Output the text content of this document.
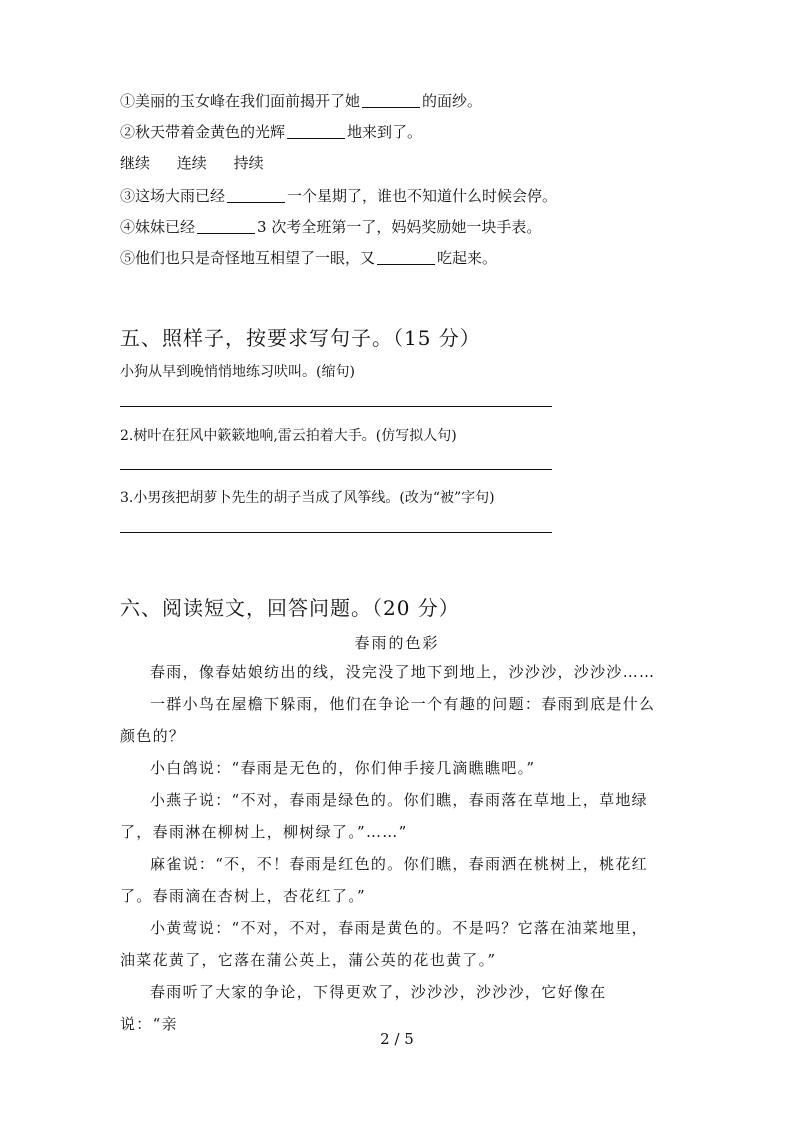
①美丽的玉女峰在我们面前揭开了她	的面纱。
②秋天带着金黄色的光辉	地来到了。
继续 连续 持续
③这场大雨已经	一个星期了，谁也不知道什么时候会停。
④妹妹已经	3 次考全班第一了，妈妈奖励她一块手表。
⑤他们也只是奇怪地互相望了一眼，又	吃起来。
五、照样子，按要求写句子。（15 分）
小狗从早到晚悄悄地练习吠叫。(缩句)
2.树叶在狂风中簌簌地响,雷云拍着大手。(仿写拟人句)
3.小男孩把胡萝卜先生的胡子当成了风筝线。(改为“被”字句)
六、阅读短文，回答问题。（20 分）
春雨的色彩

春雨，像春姑娘纺出的线，没完没了地下到地上，沙沙沙，沙沙沙……

一群小鸟在屋檐下躲雨，他们在争论一个有趣的问题：春雨到底是什么颜色的？

小白鸽说：“春雨是无色的，你们伸手接几滴瞧瞧吧。”

小燕子说：“不对，春雨是绿色的。你们瞧，春雨落在草地上，草地绿了，春雨淋在柳树上，柳树绿了。”……”

麻雀说：“不，不！春雨是红色的。你们瞧，春雨洒在桃树上，桃花红了。春雨滴在杏树上，杏花红了。”

小黄莺说：“不对，不对，春雨是黄色的。不是吗？它落在油菜地里，油菜花黄了，它落在蒲公英上，蒲公英的花也黄了。”

春雨听了大家的争论，下得更欢了，沙沙沙，沙沙沙，它好像在说：“亲

2 / 5
